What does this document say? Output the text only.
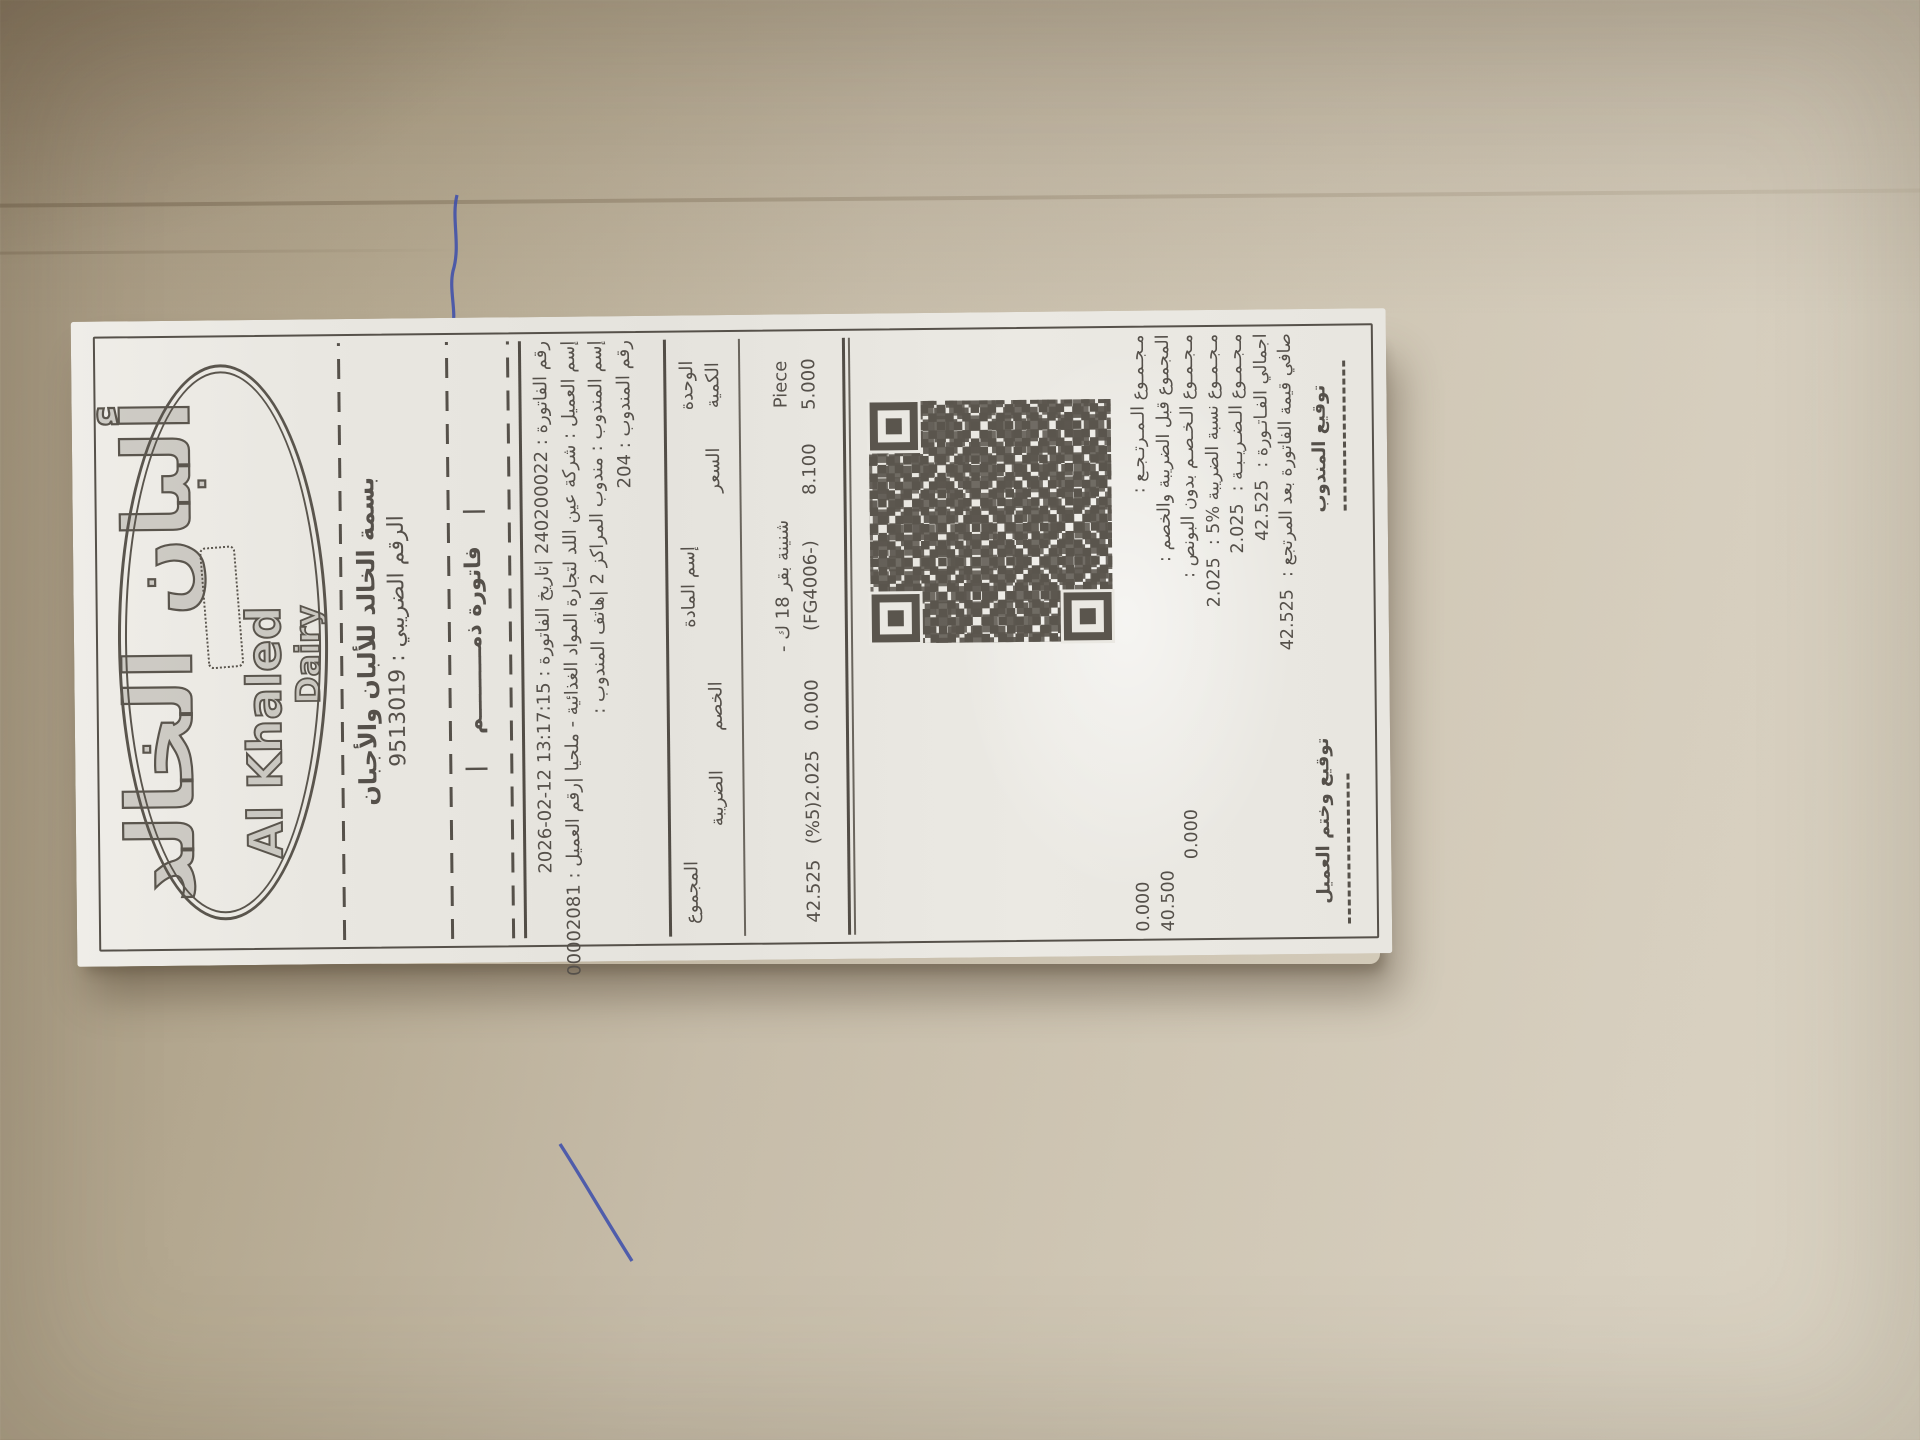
ألبان الخالد Al Khaled
Dairy بسمة الخالد للألبان والأجبان الرقم الضريبي : 9513019
|    فاتورة ذمـــــــــم    |
رقم الفاتورة : 240200022 |تاريخ الفاتورة : 13:17:15 12-02-2026
إسم العميل : شركة عين اللد لتجارة المواد الغذائية - ملحيا |رقم العميل : 00002081 إسم المندوب : مندوب المراكز 2 |هاتف المندوب : رقم المندوب : 204	الوحدة
إسم المادة
المجموع
الكمية
السعر
الخصم
الضريبة
Piece
شنينة بقر 18 ك -
5.000
8.100
‎(FG4006-)
0.000
2.025(%5)
42.525
مـجـمـوع الـمـرتـجـع :
0.000
المجموع قبل الضريبة والخصم :
40.500
مـجـمـوع الـخـصـم بدون البونص :
0.000
مـجـمـوع نسبة الضريبة %5 :
2.025
مـجـمـوع الـضـريـبـة :
2.025
اجمالي الفـاتـورة :
42.525 صافي قيمة الفاتورة بعد المرتجع :
42.525
توقيع المندوب
توقيع وختم العميل
